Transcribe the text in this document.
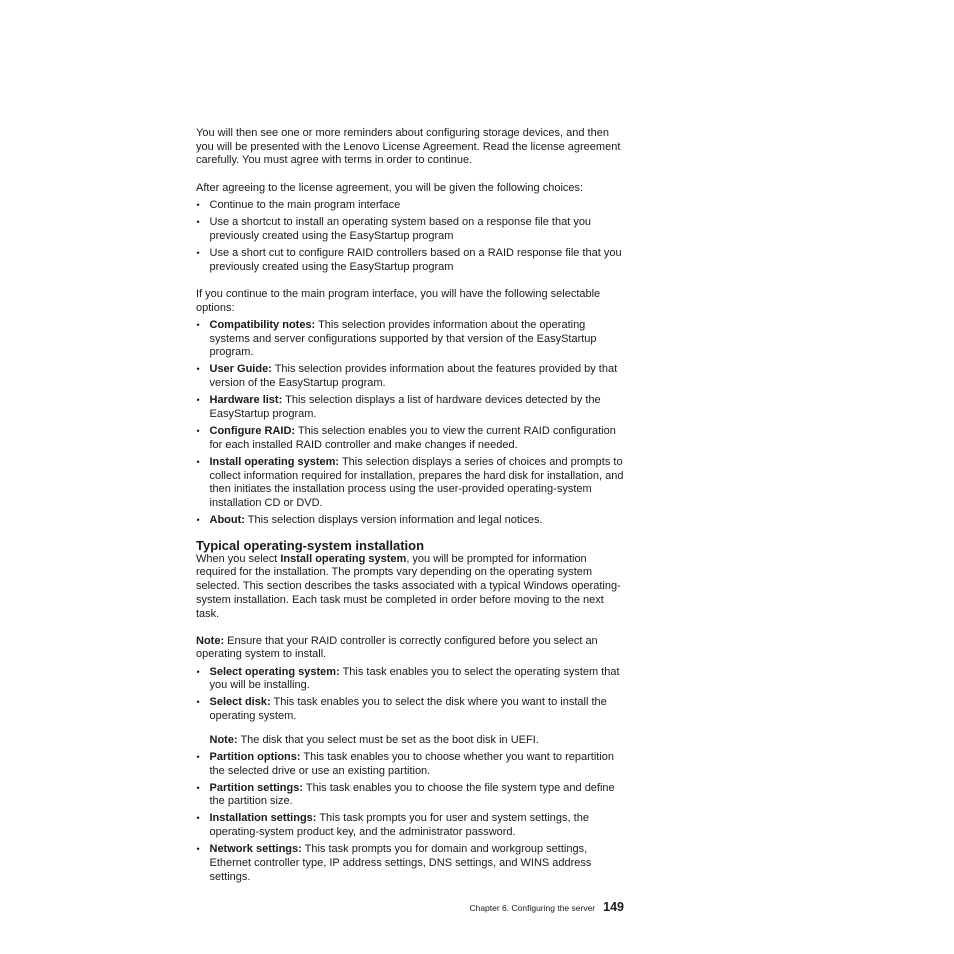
You will then see one or more reminders about configuring storage devices, and then you will be presented with the Lenovo License Agreement. Read the license agreement carefully. You must agree with terms in order to continue.

After agreeing to the license agreement, you will be given the following choices:

• Continue to the main program interface
• Use a shortcut to install an operating system based on a response file that you previously created using the EasyStartup program
• Use a short cut to configure RAID controllers based on a RAID response file that you previously created using the EasyStartup program

If you continue to the main program interface, you will have the following selectable options:

• Compatibility notes: This selection provides information about the operating systems and server configurations supported by that version of the EasyStartup program.
• User Guide: This selection provides information about the features provided by that version of the EasyStartup program.
• Hardware list: This selection displays a list of hardware devices detected by the EasyStartup program.
• Configure RAID: This selection enables you to view the current RAID configuration for each installed RAID controller and make changes if needed.
• Install operating system: This selection displays a series of choices and prompts to collect information required for installation, prepares the hard disk for installation, and then initiates the installation process using the user-provided operating-system installation CD or DVD.
• About: This selection displays version information and legal notices.
Typical operating-system installation

When you select Install operating system, you will be prompted for information required for the installation. The prompts vary depending on the operating system selected. This section describes the tasks associated with a typical Windows operating-system installation. Each task must be completed in order before moving to the next task.

Note: Ensure that your RAID controller is correctly configured before you select an operating system to install.

• Select operating system: This task enables you to select the operating system that you will be installing.
• Select disk: This task enables you to select the disk where you want to install the operating system.

Note: The disk that you select must be set as the boot disk in UEFI.

• Partition options: This task enables you to choose whether you want to repartition the selected drive or use an existing partition.
• Partition settings: This task enables you to choose the file system type and define the partition size.
• Installation settings: This task prompts you for user and system settings, the operating-system product key, and the administrator password.
• Network settings: This task prompts you for domain and workgroup settings, Ethernet controller type, IP address settings, DNS settings, and WINS address settings.
Chapter 6. Configuring the server 149
